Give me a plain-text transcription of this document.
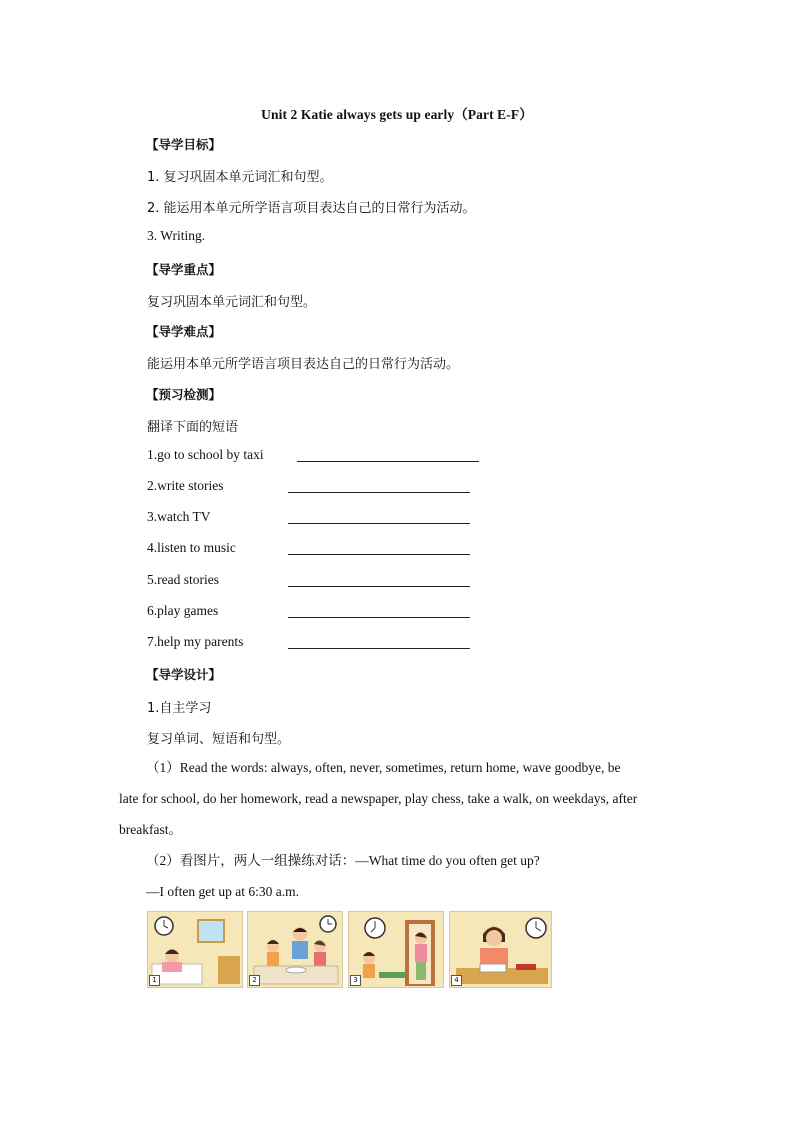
Unit 2 Katie always gets up early（Part E-F）
【导学目标】
1. 复习巩固本单元词汇和句型。
2. 能运用本单元所学语言项目表达自己的日常行为活动。
3. Writing.
【导学重点】
复习巩固本单元词汇和句型。
【导学难点】
能运用本单元所学语言项目表达自己的日常行为活动。
【预习检测】
翻译下面的短语
1.go to school by taxi
2.write stories
3.watch TV
4.listen to music
5.read stories
6.play games
7.help my parents
【导学设计】
1.自主学习
复习单词、短语和句型。
（1）Read the words: always, often, never, sometimes, return home, wave goodbye, be
late for school, do her homework, read a newspaper, play chess, take a walk, on weekdays, after
breakfast。
（2）看图片，两人一组操练对话：—What time do you often get up?
—I often get up at 6:30 a.m.
1	2	3	4
